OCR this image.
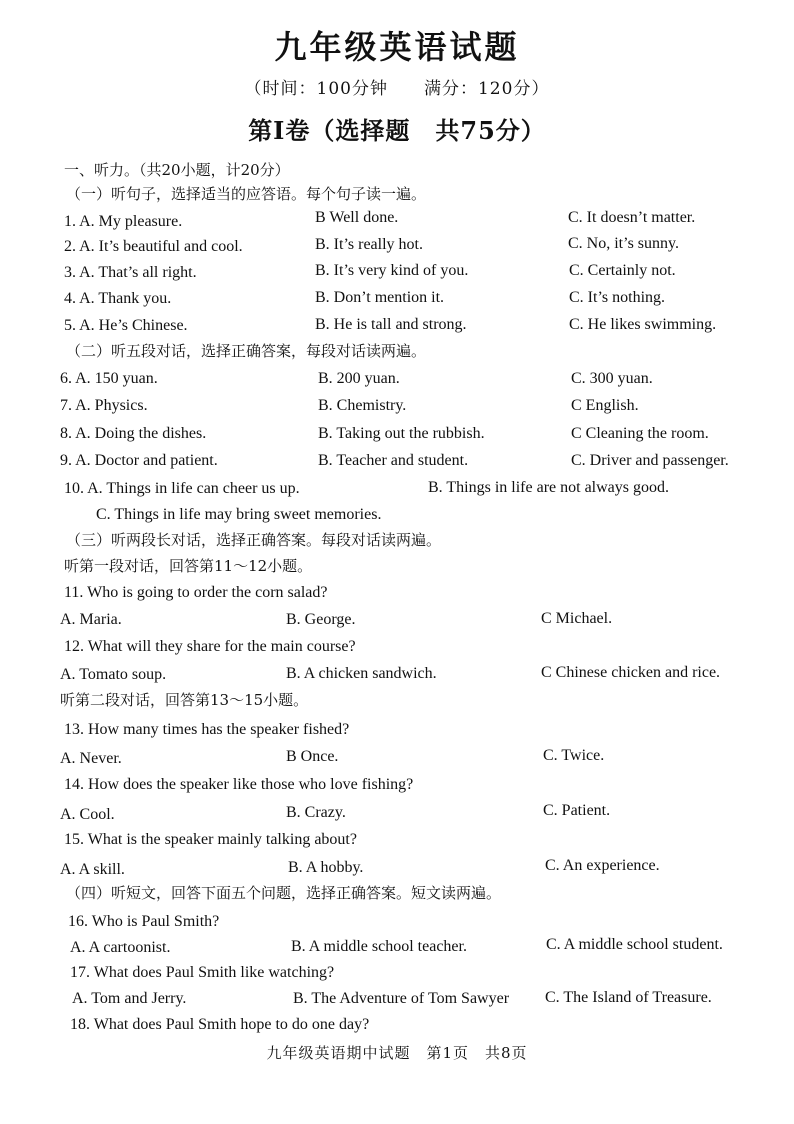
九年级英语试题
（时间：100分钟　　满分：120分）
第Ⅰ卷（选择题　共75分）
一、听力。（共20小题，计20分）
（一）听句子，选择适当的应答语。每个句子读一遍。
1. A. My pleasure.	B Well done.	C. It doesn’t matter.
2. A. It’s beautiful and cool.	B. It’s really hot.	C. No, it’s sunny.
3. A. That’s all right.	B. It’s very kind of you.	C. Certainly not.
4. A. Thank you.	B. Don’t mention it.	C. It’s nothing.
5. A. He’s Chinese.	B. He is tall and strong.	C. He likes swimming.
（二）听五段对话，选择正确答案，每段对话读两遍。
6. A. 150 yuan.	B. 200 yuan.	C. 300 yuan.
7. A. Physics.	B. Chemistry.	C English.
8. A. Doing the dishes.	B. Taking out the rubbish.	C Cleaning the room.
9. A. Doctor and patient.	B. Teacher and student.	C. Driver and passenger.
10. A. Things in life can cheer us up.	B. Things in life are not always good.
C. Things in life may bring sweet memories.
（三）听两段长对话，选择正确答案。每段对话读两遍。
听第一段对话，回答第11～12小题。
11. Who is going to order the corn salad?
A. Maria.	B. George.	C Michael.
12. What will they share for the main course?
A. Tomato soup.	B. A chicken sandwich.	C Chinese chicken and rice.
听第二段对话，回答第13～15小题。
13. How many times has the speaker fished?
A. Never.	B Once.	C. Twice.
14. How does the speaker like those who love fishing?
A. Cool.	B. Crazy.	C. Patient.
15. What is the speaker mainly talking about?
A. A skill.	B. A hobby.	C. An experience.
（四）听短文，回答下面五个问题，选择正确答案。短文读两遍。
16. Who is Paul Smith?
A. A cartoonist.	B. A middle school teacher.	C. A middle school student.
17. What does Paul Smith like watching?
A. Tom and Jerry.	B. The Adventure of Tom Sawyer C. The Island of Treasure.
18. What does Paul Smith hope to do one day?
九年级英语期中试题　第1页　共8页
